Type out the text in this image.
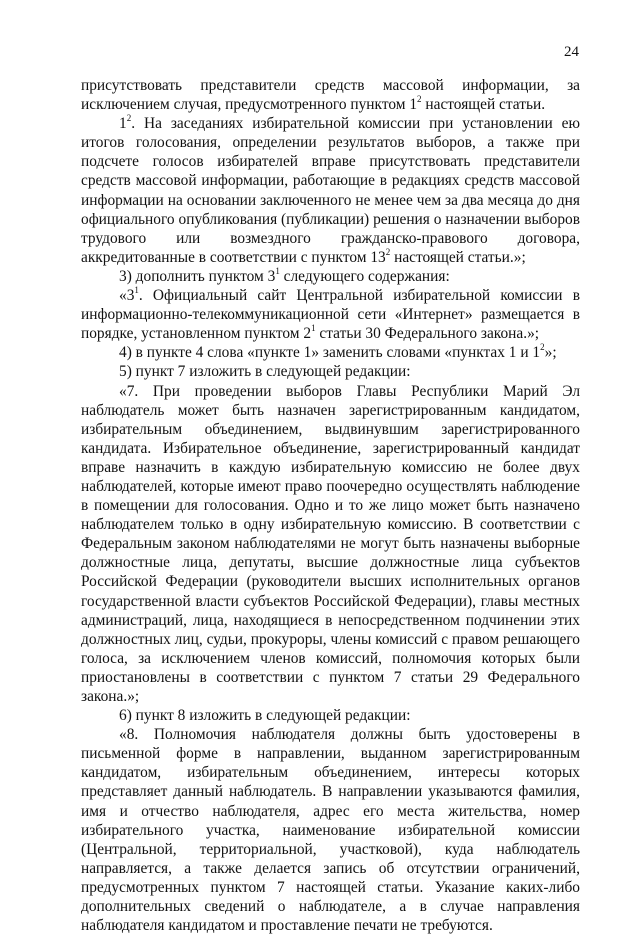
24

присутствовать представители средств массовой информации, за исключением случая, предусмотренного пунктом $1^2$ настоящей статьи.

$1^2$. На заседаниях избирательной комиссии при установлении ею итогов голосования, определении результатов выборов, а также при подсчете голосов избирателей вправе присутствовать представители средств массовой информации, работающие в редакциях средств массовой информации на основании заключенного не менее чем за два месяца до дня официального опубликования (публикации) решения о назначении выборов трудового или возмездного гражданско-правового договора, аккредитованные в соответствии с пунктом $13^2$ настоящей статьи.»;

3) дополнить пунктом $3^1$ следующего содержания:

«$3^1$. Официальный сайт Центральной избирательной комиссии в информационно-телекоммуникационной сети «Интернет» размещается в порядке, установленном пунктом $2^1$ статьи 30 Федерального закона.»;

4) в пункте 4 слова «пункте 1» заменить словами «пунктах 1 и $1^2$»;

5) пункт 7 изложить в следующей редакции:

«7. При проведении выборов Главы Республики Марий Эл наблюдатель может быть назначен зарегистрированным кандидатом, избирательным объединением, выдвинувшим зарегистрированного кандидата. Избирательное объединение, зарегистрированный кандидат вправе назначить в каждую избирательную комиссию не более двух наблюдателей, которые имеют право поочередно осуществлять наблюдение в помещении для голосования. Одно и то же лицо может быть назначено наблюдателем только в одну избирательную комиссию. В соответствии с Федеральным законом наблюдателями не могут быть назначены выборные должностные лица, депутаты, высшие должностные лица субъектов Российской Федерации (руководители высших исполнительных органов государственной власти субъектов Российской Федерации), главы местных администраций, лица, находящиеся в непосредственном подчинении этих должностных лиц, судьи, прокуроры, члены комиссий с правом решающего голоса, за исключением членов комиссий, полномочия которых были приостановлены в соответствии с пунктом 7 статьи 29 Федерального закона.»;

6) пункт 8 изложить в следующей редакции:

«8. Полномочия наблюдателя должны быть удостоверены в письменной форме в направлении, выданном зарегистрированным кандидатом, избирательным объединением, интересы которых представляет данный наблюдатель. В направлении указываются фамилия, имя и отчество наблюдателя, адрес его места жительства, номер избирательного участка, наименование избирательной комиссии (Центральной, территориальной, участковой), куда наблюдатель направляется, а также делается запись об отсутствии ограничений, предусмотренных пунктом 7 настоящей статьи. Указание каких-либо дополнительных сведений о наблюдателе, а в случае направления наблюдателя кандидатом и проставление печати не требуются.
